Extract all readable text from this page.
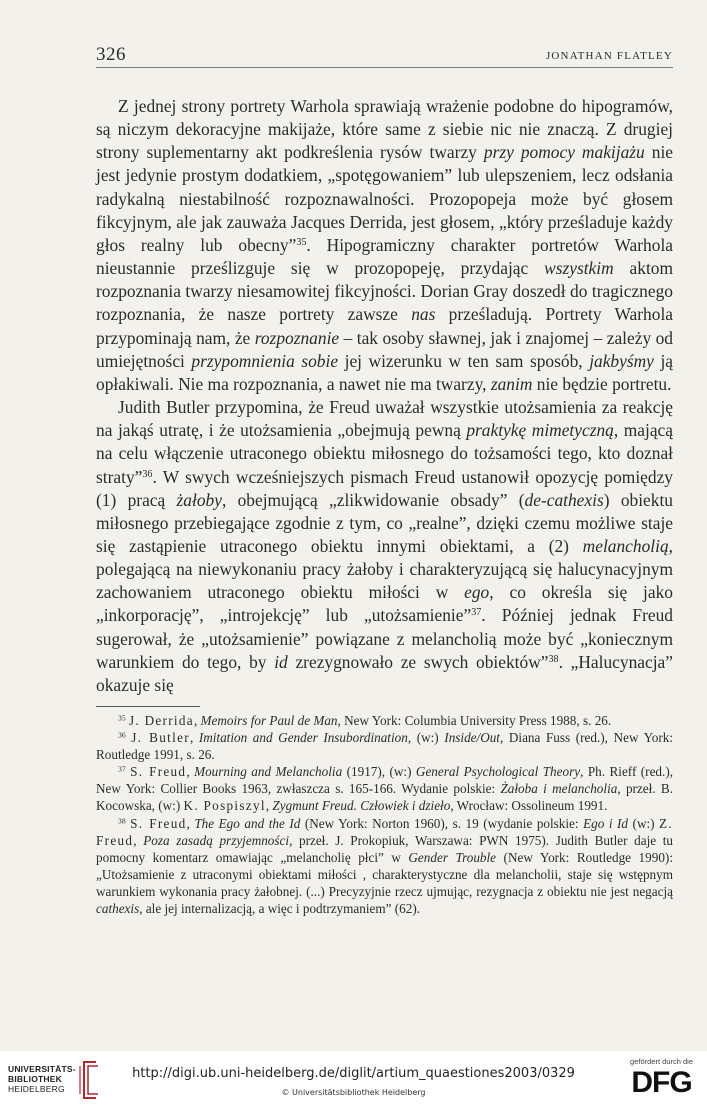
326	JONATHAN FLATLEY

Z jednej strony portrety Warhola sprawiają wrażenie podobne do hipogramów, są niczym dekoracyjne makijaże, które same z siebie nic nie znaczą. Z drugiej strony suplementarny akt podkreślenia rysów twarzy przy pomocy makijażu nie jest jedynie prostym dodatkiem, „spotęgowaniem” lub ulepszeniem, lecz odsłania radykalną niestabilność rozpoznawalności. Prozopopeja może być głosem fikcyjnym, ale jak zauważa Jacques Derrida, jest głosem, „który prześladuje każdy głos realny lub obecny”$^{35}$. Hipogramiczny charakter portretów Warhola nieustannie prześlizguje się w prozopopeję, przydając wszystkim aktom rozpoznania twarzy niesamowitej fikcyjności. Dorian Gray doszedł do tragicznego rozpoznania, że nasze portrety zawsze nas prześladują. Portrety Warhola przypominają nam, że rozpoznanie – tak osoby sławnej, jak i znajomej – zależy od umiejętności przypomnienia sobie jej wizerunku w ten sam sposób, jakbyśmy ją opłakiwali. Nie ma rozpoznania, a nawet nie ma twarzy, zanim nie będzie portretu.

Judith Butler przypomina, że Freud uważał wszystkie utożsamienia za reakcję na jakąś utratę, i że utożsamienia „obejmują pewną praktykę mimetyczną, mającą na celu włączenie utraconego obiektu miłosnego do tożsamości tego, kto doznał straty”$^{36}$. W swych wcześniejszych pismach Freud ustanowił opozycję pomiędzy (1) pracą żałoby, obejmującą „zlikwidowanie obsady” (de-cathexis) obiektu miłosnego przebiegające zgodnie z tym, co „realne”, dzięki czemu możliwe staje się zastąpienie utraconego obiektu innymi obiektami, a (2) melancholią, polegającą na niewykonaniu pracy żałoby i charakteryzującą się halucynacyjnym zachowaniem utraconego obiektu miłości w ego, co określa się jako „inkorporację”, „introjekcję” lub „utożsamienie”$^{37}$. Później jednak Freud sugerował, że „utożsamienie” powiązane z melancholią może być „koniecznym warunkiem do tego, by id zrezygnowało ze swych obiektów”$^{38}$. „Halucynacja” okazuje się

$^{35}$ J. Derrida, Memoirs for Paul de Man, New York: Columbia University Press 1988, s. 26.

$^{36}$ J. Butler, Imitation and Gender Insubordination, (w:) Inside/Out, Diana Fuss (red.), New York: Routledge 1991, s. 26.

$^{37}$ S. Freud, Mourning and Melancholia (1917), (w:) General Psychological Theory, Ph. Rieff (red.), New York: Collier Books 1963, zwłaszcza s. 165-166. Wydanie polskie: Żałoba i melancholia, przeł. B. Kocowska, (w:) K. Pospiszyl, Zygmunt Freud. Człowiek i dzieło, Wrocław: Ossolineum 1991.

$^{38}$ S. Freud, The Ego and the Id (New York: Norton 1960), s. 19 (wydanie polskie: Ego i Id (w:) Z. Freud, Poza zasadą przyjemności, przeł. J. Prokopiuk, Warszawa: PWN 1975). Judith Butler daje tu pomocny komentarz omawiając „melancholię płci” w Gender Trouble (New York: Routledge 1990): „Utożsamienie z utraconymi obiektami miłości , charakterystyczne dla melancholii, staje się wstępnym warunkiem wykonania pracy żałobnej. (...) Precyzyjnie rzecz ujmując, rezygnacja z obiektu nie jest negacją cathexis, ale jej internalizacją, a więc i podtrzymaniem” (62).

UNIVERSITÄTS-
BIBLIOTHEK
HEIDELBERG
http://digi.ub.uni-heidelberg.de/diglit/artium_quaestiones2003/0329
© Universitätsbibliothek Heidelberg
gefördert durch die
DFG
